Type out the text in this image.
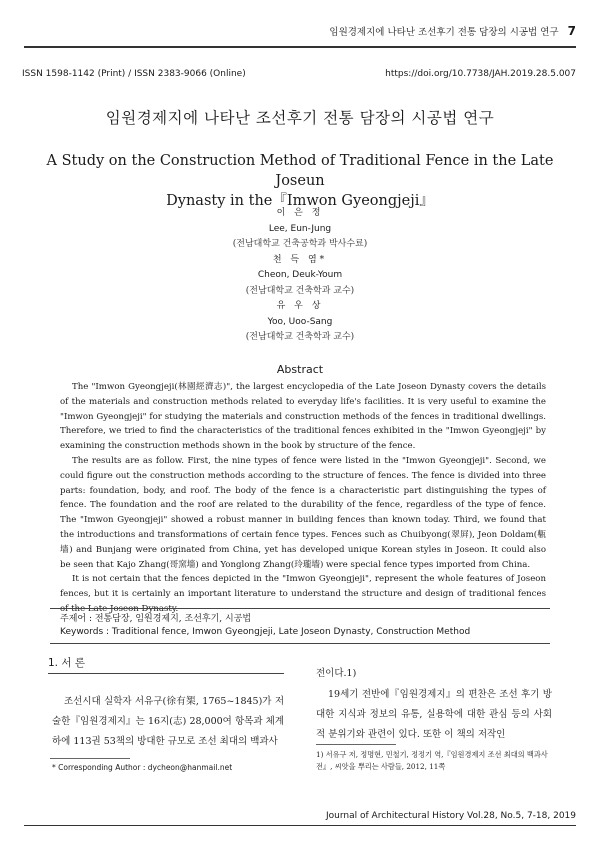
임원경제지에 나타난 조선후기 전통 담장의 시공법 연구 7
ISSN 1598-1142 (Print) / ISSN 2383-9066 (Online)	https://doi.org/10.7738/JAH.2019.28.5.007
임원경제지에 나타난 조선후기 전통 담장의 시공법 연구
A Study on the Construction Method of Traditional Fence in the Late Joseun
Dynasty in the『Imwon Gyeongjeji』
이 은 정
Lee, Eun-Jung
(전남대학교 건축공학과 박사수료)
천 득 염*
Cheon, Deuk-Youm
(전남대학교 건축학과 교수)
유 우 상
Yoo, Uoo-Sang
(전남대학교 건축학과 교수)
Abstract

The "Imwon Gyeongjeji(林園經濟志)", the largest encyclopedia of the Late Joseon Dynasty covers the details of the materials and construction methods related to everyday life's facilities. It is very useful to examine the "Imwon Gyeongjeji" for studying the materials and construction methods of the fences in traditional dwellings. Therefore, we tried to find the characteristics of the traditional fences exhibited in the "Imwon Gyeongjeji" by examining the construction methods shown in the book by structure of the fence.

The results are as follow. First, the nine types of fence were listed in the "Imwon Gyeongjeji". Second, we could figure out the construction methods according to the structure of fences. The fence is divided into three parts: foundation, body, and roof. The body of the fence is a characteristic part distinguishing the types of fence. The foundation and the roof are related to the durability of the fence, regardless of the type of fence. The "Imwon Gyeongjeji" showed a robust manner in building fences than known today. Third, we found that the introductions and transformations of certain fence types. Fences such as Chuibyong(翠屛), Jeon Doldam(甎墻) and Bunjang were originated from China, yet has developed unique Korean styles in Joseon. It could also be seen that Kajo Zhang(哥窯墻) and Yonglong Zhang(玲瓏墻) were special fence types imported from China.

It is not certain that the fences depicted in the "Imwon Gyeongjeji", represent the whole features of Joseon fences, but it is certainly an important literature to understand the structure and design of traditional fences

주제어 : 전통담장, 임원경제지, 조선후기, 시공법
Keywords : Traditional fence, Imwon Gyeongjeji, Late Joseon Dynasty, Construction Method
1. 서 론

조선시대 실학자 서유구(徐有榘, 1765~1845)가 저술한『임원경제지』는 16지(志) 28,000여 항목과 체계하에 113권 53책의 방대한 규모로 조선 최대의 백과사

전이다.1)

19세기 전반에『임원경제지』의 편찬은 조선 후기 방대한 지식과 정보의 유통, 실용학에 대한 관심 등의 사회적 분위기와 관련이 있다. 또한 이 책의 저작인

* Corresponding Author : dycheon@hanmail.net
1) 서유구 저, 정명현, 민철기, 정정기 역,『임원경제지 조선 최대의 백과사전』, 씨앗을 뿌리는 사람들, 2012, 11쪽
Journal of Architectural History Vol.28, No.5, 7-18, 2019
